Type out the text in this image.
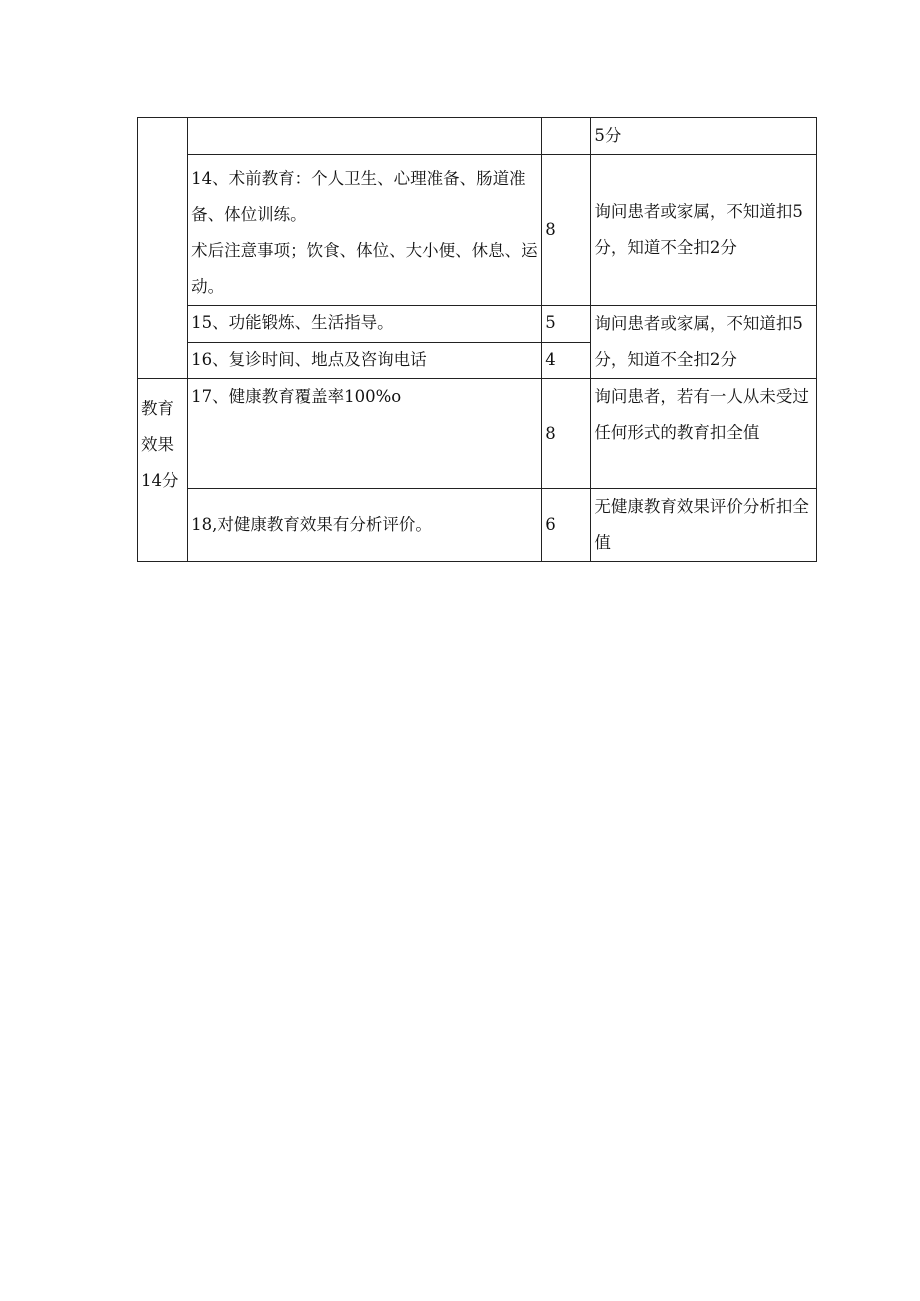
			5分

	14、术前教育：个人卫生、心理准备、肠道准备、体位训练。
术后注意事项；饮食、体位、大小便、休息、运动。	8	询问患者或家属，不知道扣5分，知道不全扣2分
	15、功能锻炼、生活指导。	5	询问患者或家属，不知道扣5分，知道不全扣2分
	16、复诊时间、地点及咨询电话	4	

教育效果14分	17、健康教育覆盖率100%o	8	询问患者，若有一人从未受过任何形式的教育扣全值
	18,对健康教育效果有分析评价。	6	无健康教育效果评价分析扣全值
